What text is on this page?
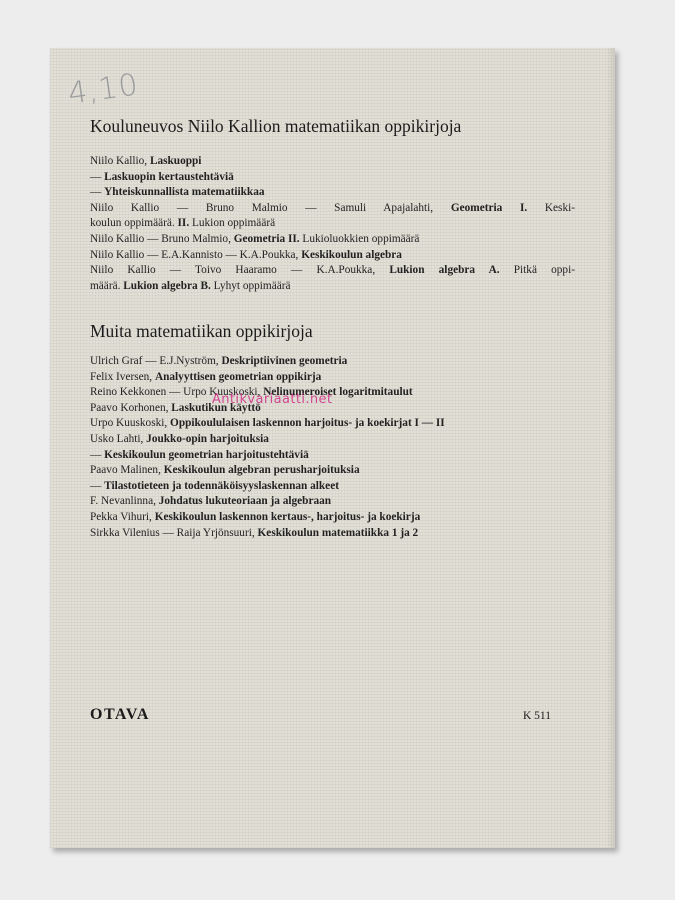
4,10
Kouluneuvos Niilo Kallion matematiikan oppikirjoja
Niilo Kallio, Laskuoppi
— Laskuopin kertaustehtäviä
— Yhteiskunnallista matematiikkaa
Niilo Kallio — Bruno Malmio — Samuli Apajalahti, Geometria I. Keski-
koulun oppimäärä. II. Lukion oppimäärä
Niilo Kallio — Bruno Malmio, Geometria II. Lukioluokkien oppimäärä
Niilo Kallio — E.A.Kannisto — K.A.Poukka, Keskikoulun algebra
Niilo Kallio — Toivo Haaramo — K.A.Poukka, Lukion algebra A. Pitkä oppi-
määrä. Lukion algebra B. Lyhyt oppimäärä
Muita matematiikan oppikirjoja
Ulrich Graf — E.J.Nyström, Deskriptiivinen geometria
Felix Iversen, Analyyttisen geometrian oppikirja
Reino Kekkonen — Urpo Kuuskoski, Nelinumeroiset logaritmitaulut
Paavo Korhonen, Laskutikun käyttö
Urpo Kuuskoski, Oppikoululaisen laskennon harjoitus- ja koekirjat I — II
Usko Lahti, Joukko-opin harjoituksia
— Keskikoulun geometrian harjoitustehtäviä
Paavo Malinen, Keskikoulun algebran perusharjoituksia
— Tilastotieteen ja todennäköisyyslaskennan alkeet
F. Nevanlinna, Johdatus lukuteoriaan ja algebraan
Pekka Vihuri, Keskikoulun laskennon kertaus-, harjoitus- ja koekirja
Sirkka Vilenius — Raija Yrjönsuuri, Keskikoulun matematiikka 1 ja 2
OTAVA	K 511
Antikvariaatti.net
